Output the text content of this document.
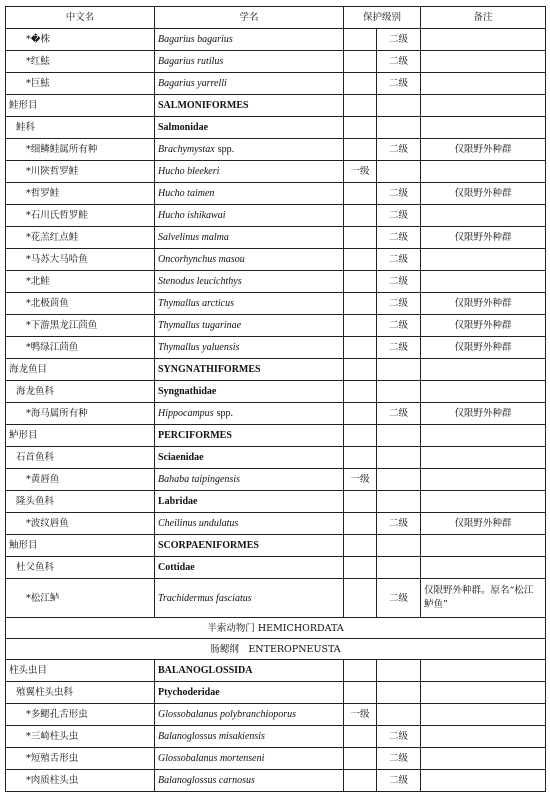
中文名	学名	保护级别		备注
*�株	Bagarius bagarius		二级	
*红魼	Bagarius rutilus		二级	
*巨魼	Bagarius yarrelli		二级	
鲑形目	SALMONIFORMES			
鲑科	Salmonidae			
*细鳞鲑属所有种	Brachymystax spp.		二级	仅限野外种群
*川陕哲罗鲑	Hucho bleekeri	一级		
*哲罗鲑	Hucho taimen		二级	仅限野外种群
*石川氏哲罗鲑	Hucho ishikawai		二级	
*花羔红点鲑	Salvelinus malma		二级	仅限野外种群
*马苏大马哈鱼	Oncorhynchus masou		二级	
*北鲑	Stenodus leucichthys		二级	
*北极茴鱼	Thymallus arcticus		二级	仅限野外种群
*下游黑龙江茴鱼	Thymallus tugarinae		二级	仅限野外种群
*鸭绿江茴鱼	Thymallus yaluensis		二级	仅限野外种群
海龙鱼目	SYNGNATHIFORMES			
海龙鱼科	Syngnathidae			
*海马属所有种	Hippocampus spp.		二级	仅限野外种群
鲈形目	PERCIFORMES			
石首鱼科	Sciaenidae			
*黄唇鱼	Bahaba taipingensis	一级		
隆头鱼科	Labridae			
*波纹唇鱼	Cheilinus undulatus		二级	仅限野外种群
鲉形目	SCORPAENIFORMES			
杜父鱼科	Cottidae			
*松江鲈	Trachidermus fasciatus		二级	仅限野外种群。原名“松江鲈鱼”
半索动物门 HEMICHORDATA				
肠鳃纲　ENTEROPNEUSTA				
柱头虫目	BALANOGLOSSIDA			
殖翼柱头虫科	Ptychoderidae			
*多鳃孔舌形虫	Glossobalanus polybranchioporus	一级		
*三崎柱头虫	Balanoglossus misakiensis		二级	
*短殖舌形虫	Glossobalanus mortenseni		二级	
*肉质柱头虫	Balanoglossus carnosus		二级	
